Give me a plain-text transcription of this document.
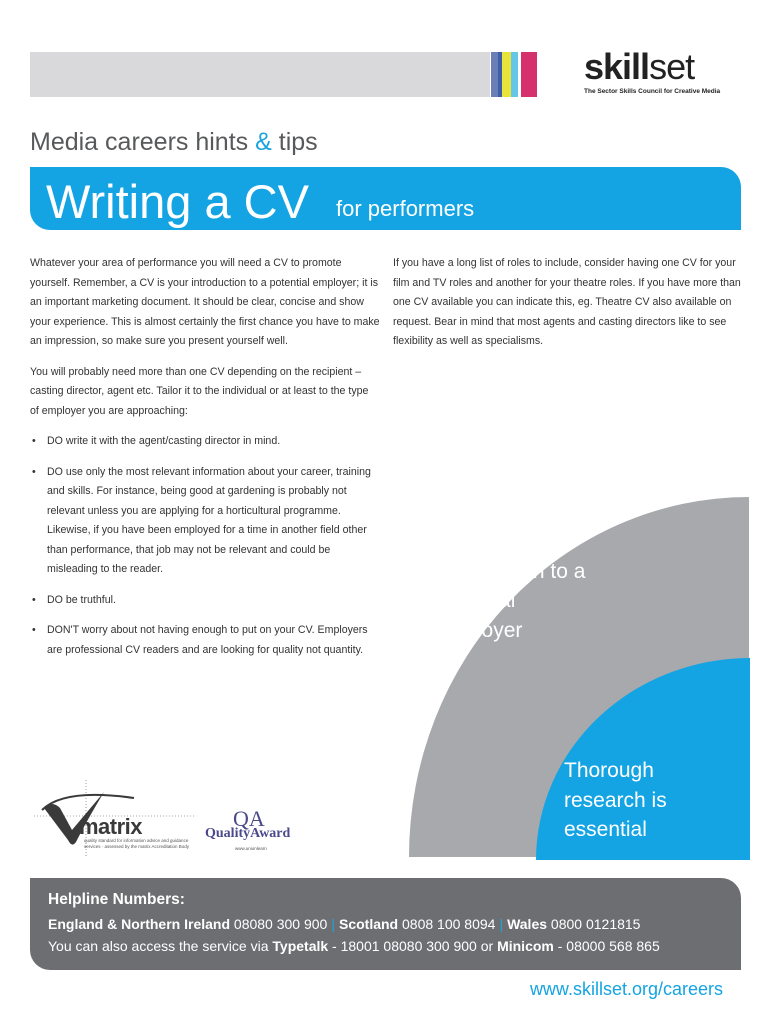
skillset
The Sector Skills Council for Creative Media
Media careers hints & tips
Writing a CV for performers

Whatever your area of performance you will need a CV to promote yourself. Remember, a CV is your introduction to a potential employer; it is an important marketing document. It should be clear, concise and show your experience. This is almost certainly the first chance you have to make an impression, so make sure you present yourself well.

You will probably need more than one CV depending on the recipient – casting director, agent etc. Tailor it to the individual or at least to the type of employer you are approaching:

• DO write it with the agent/casting director in mind.
• DO use only the most relevant information about your career, training and skills. For instance, being good at gardening is probably not relevant unless you are applying for a horticultural programme. Likewise, if you have been employed for a time in another field other than performance, that job may not be relevant and could be misleading to the reader.
• DO be truthful.
• DON'T worry about not having enough to put on your CV. Employers are professional CV readers and are looking for quality not quantity.

If you have a long list of roles to include, consider having one CV for your film and TV roles and another for your theatre roles. If you have more than one CV available you can indicate this, eg. Theatre CV also available on request. Bear in mind that most agents and casting directors like to see flexibility as well as specialisms.

A CV is your introduction to a potential employer
Thorough research is essential
matrix
quality standard for information advice and guidance services · assessed by the matrix Accreditation Body
QA
QualityAward
www.unionlearn
Helpline Numbers:
England & Northern Ireland 08080 300 900 | Scotland 0808 100 8094 | Wales 0800 0121815
You can also access the service via Typetalk - 18001 08080 300 900 or Minicom - 08000 568 865
www.skillset.org/careers
